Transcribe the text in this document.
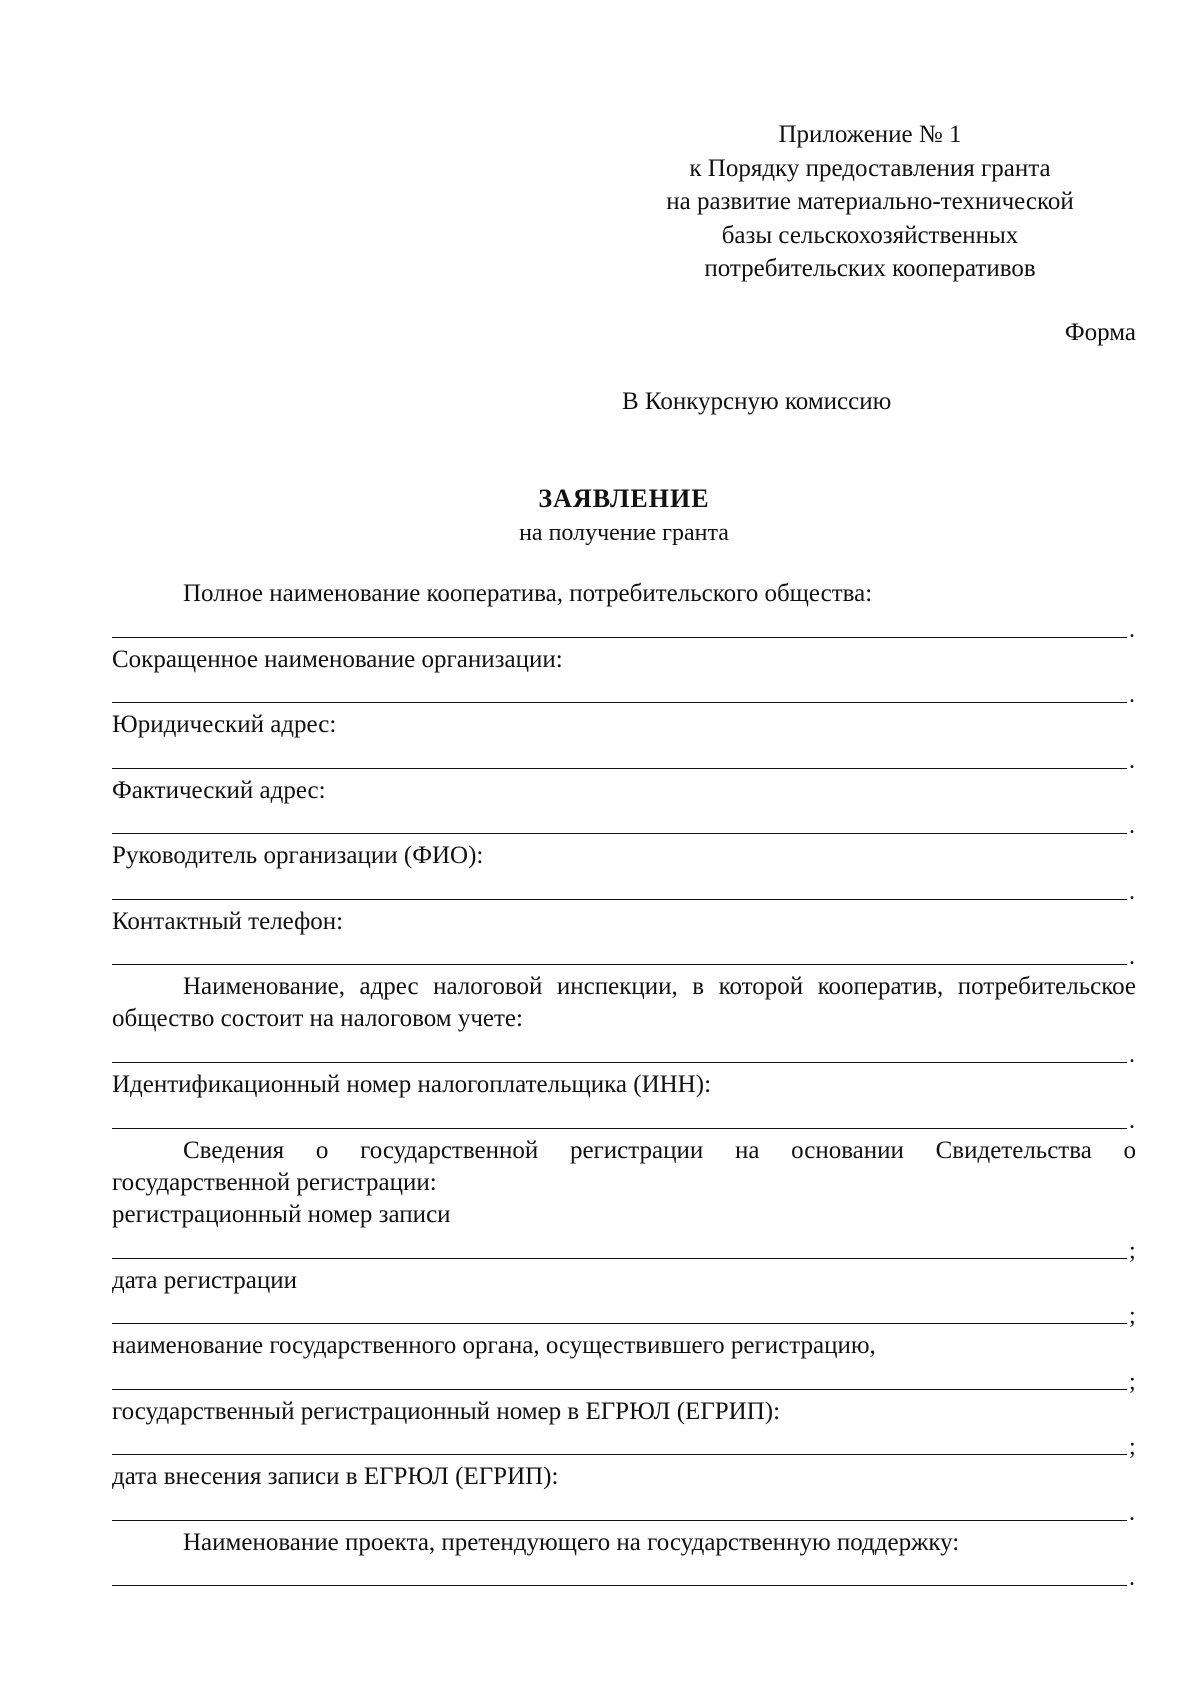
Приложение № 1
к Порядку предоставления гранта
на развитие материально-технической
базы сельскохозяйственных
потребительских кооперативов
Форма
В Конкурсную комиссию
ЗАЯВЛЕНИЕ
на получение гранта
Полное наименование кооператива, потребительского общества:
.
Сокращенное наименование организации:
.
Юридический адрес:
.
Фактический адрес:
.
Руководитель организации (ФИО):
.
Контактный телефон:
.
Наименование, адрес налоговой инспекции, в которой кооператив, потребительское общество состоит на налоговом учете:
.
Идентификационный номер налогоплательщика (ИНН):
.
Сведения о государственной регистрации на основании Свидетельства о государственной регистрации:
регистрационный номер записи
;
дата регистрации
;
наименование государственного органа, осуществившего регистрацию,
;
государственный регистрационный номер в ЕГРЮЛ (ЕГРИП):
;
дата внесения записи в ЕГРЮЛ (ЕГРИП):
.
Наименование проекта, претендующего на государственную поддержку:
.
